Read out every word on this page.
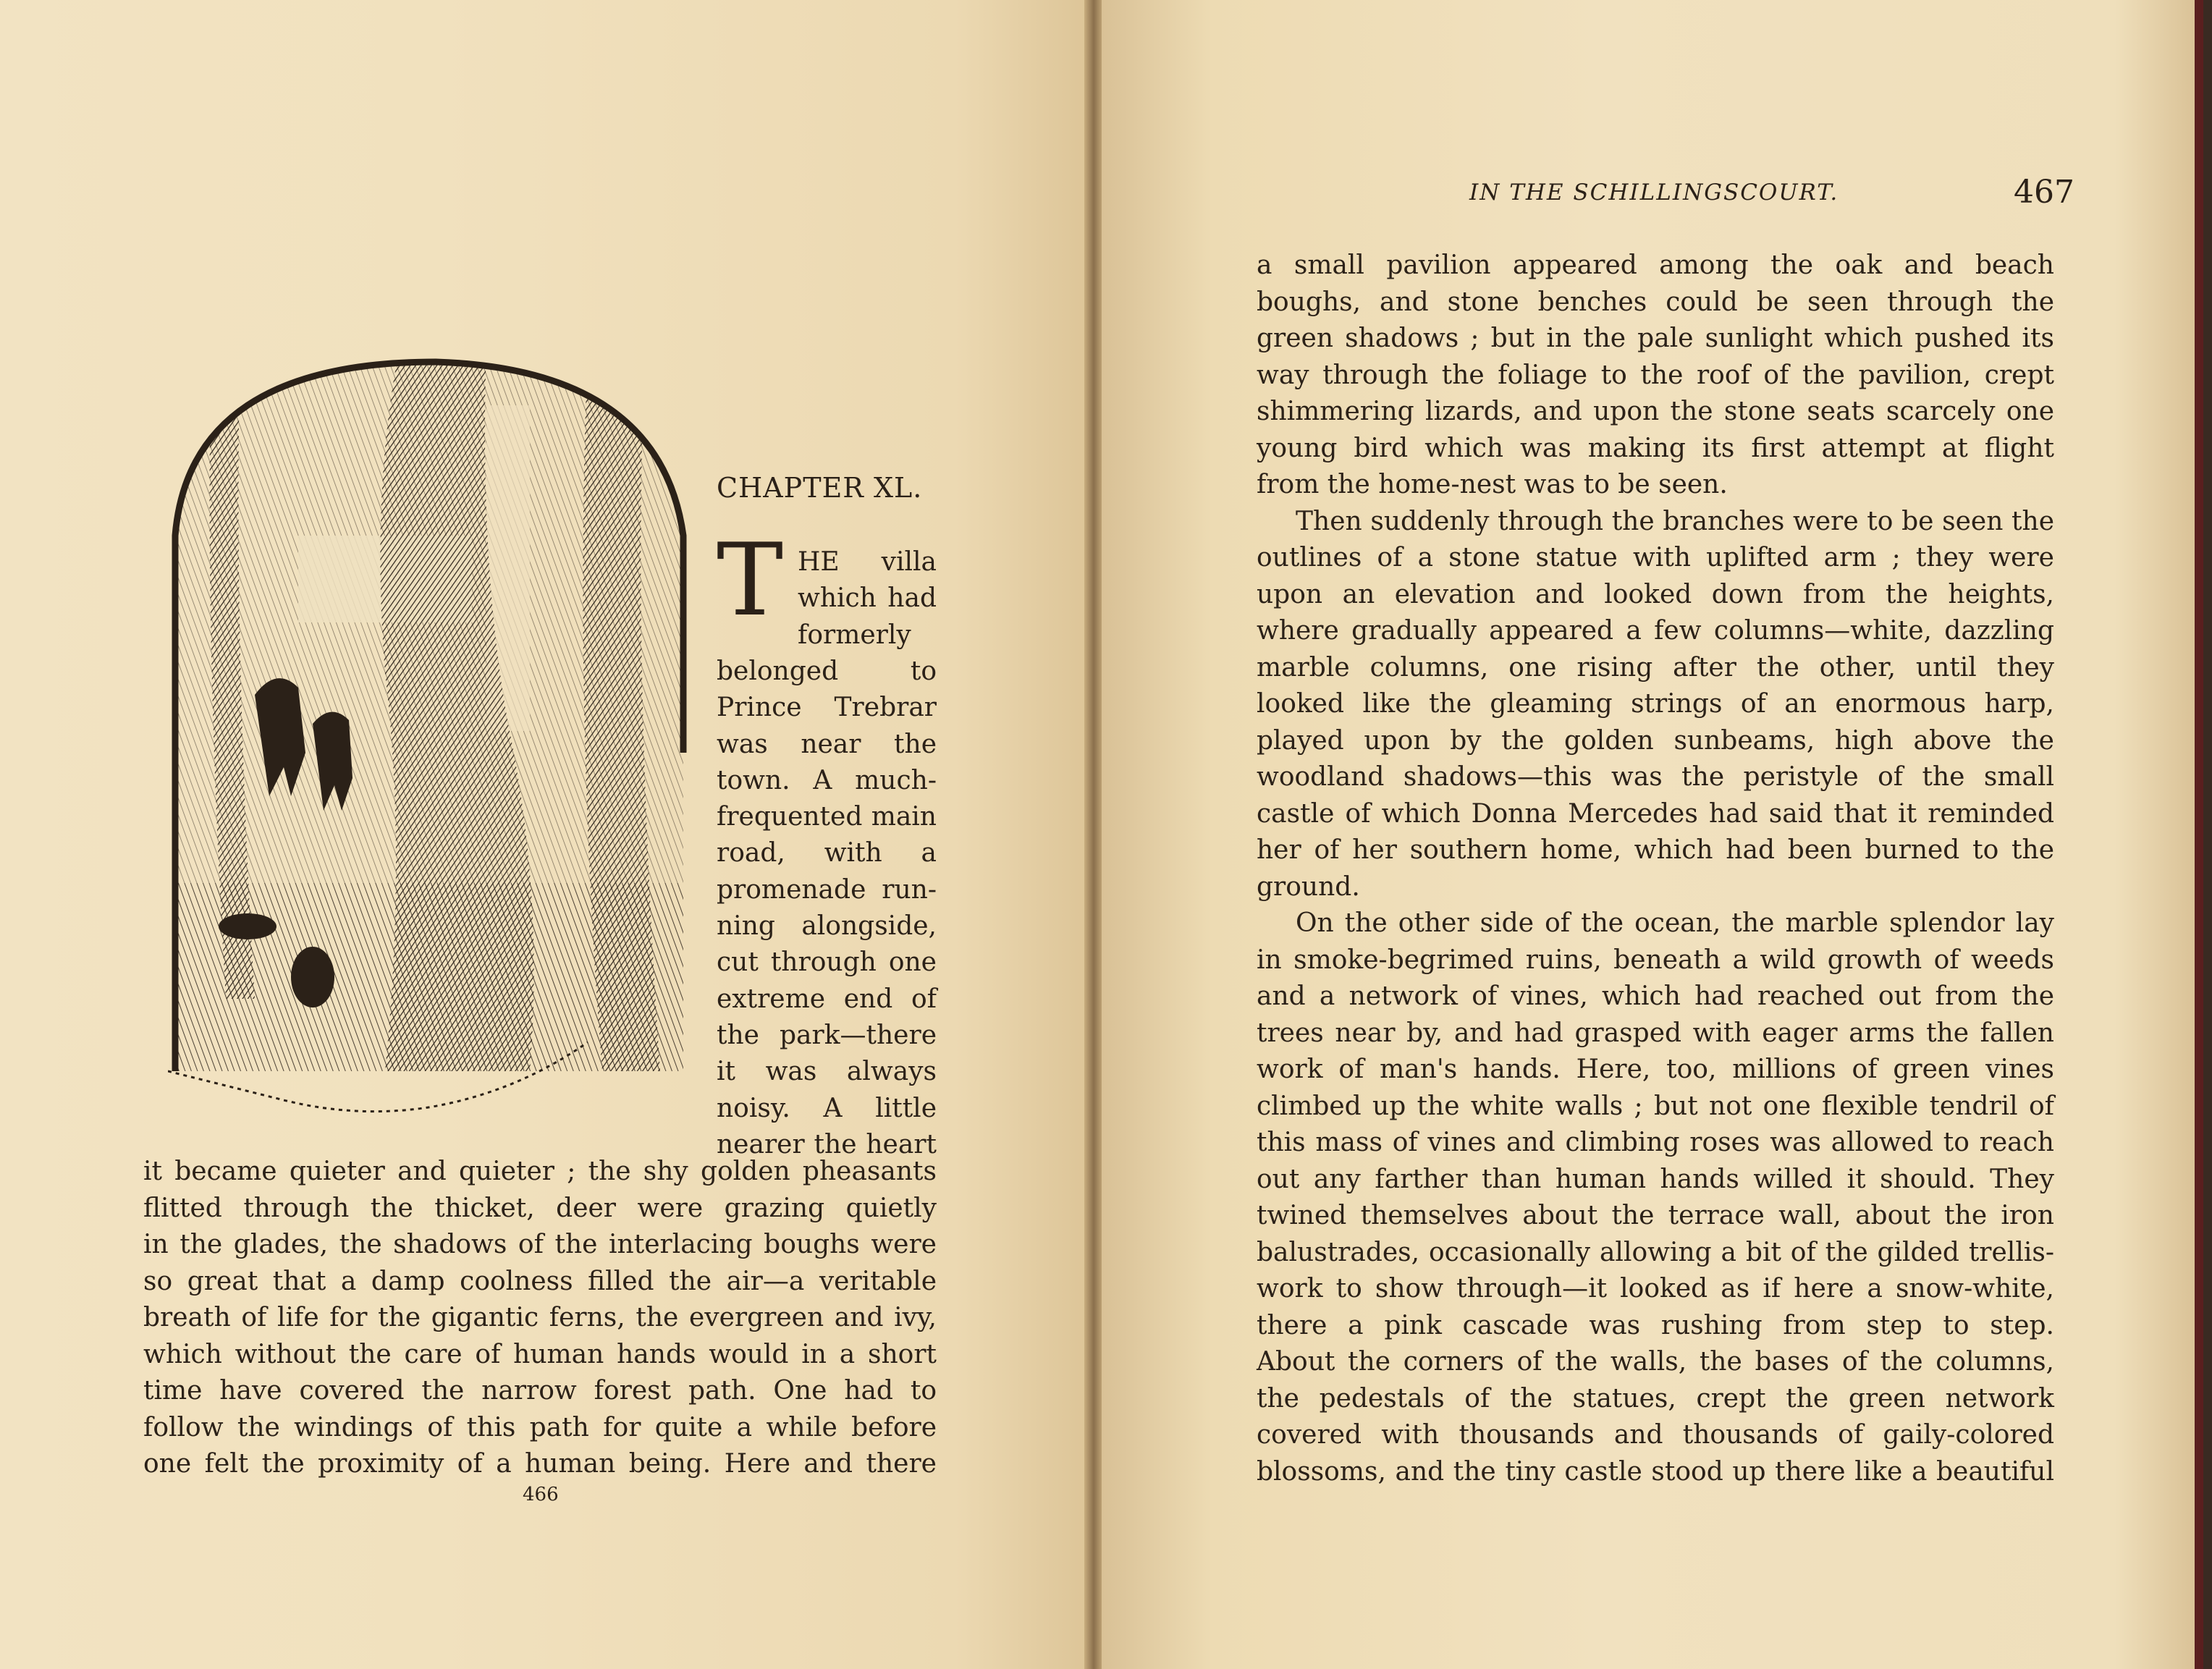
CHAPTER XL.
T HE villa
which had
formerly
belonged to
Prince Trebrar
was near the
town. A much-
frequented main
road, with a
promenade run-
ning alongside,
cut through one
extreme end of
the park—there
it was always
noisy. A little
nearer the heart
it became quieter and quieter ; the shy golden pheasants
flitted through the thicket, deer were grazing quietly
in the glades, the shadows of the interlacing boughs were
so great that a damp coolness filled the air—a veritable
breath of life for the gigantic ferns, the evergreen and ivy,
which without the care of human hands would in a short
time have covered the narrow forest path. One had to
follow the windings of this path for quite a while before
one felt the proximity of a human being. Here and there
466
IN THE SCHILLINGSCOURT.	467
a small pavilion appeared among the oak and beach
boughs, and stone benches could be seen through the
green shadows ; but in the pale sunlight which pushed its
way through the foliage to the roof of the pavilion, crept
shimmering lizards, and upon the stone seats scarcely one
young bird which was making its first attempt at flight
from the home-nest was to be seen.
Then suddenly through the branches were to be seen the
outlines of a stone statue with uplifted arm ; they were
upon an elevation and looked down from the heights,
where gradually appeared a few columns—white, dazzling
marble columns, one rising after the other, until they
looked like the gleaming strings of an enormous harp,
played upon by the golden sunbeams, high above the
woodland shadows—this was the peristyle of the small
castle of which Donna Mercedes had said that it reminded
her of her southern home, which had been burned to the
ground.
On the other side of the ocean, the marble splendor lay
in smoke-begrimed ruins, beneath a wild growth of weeds
and a network of vines, which had reached out from the
trees near by, and had grasped with eager arms the fallen
work of man's hands. Here, too, millions of green vines
climbed up the white walls ; but not one flexible tendril of
this mass of vines and climbing roses was allowed to reach
out any farther than human hands willed it should. They
twined themselves about the terrace wall, about the iron
balustrades, occasionally allowing a bit of the gilded trellis-
work to show through—it looked as if here a snow-white,
there a pink cascade was rushing from step to step.
About the corners of the walls, the bases of the columns,
the pedestals of the statues, crept the green network
covered with thousands and thousands of gaily-colored
blossoms, and the tiny castle stood up there like a beautiful
